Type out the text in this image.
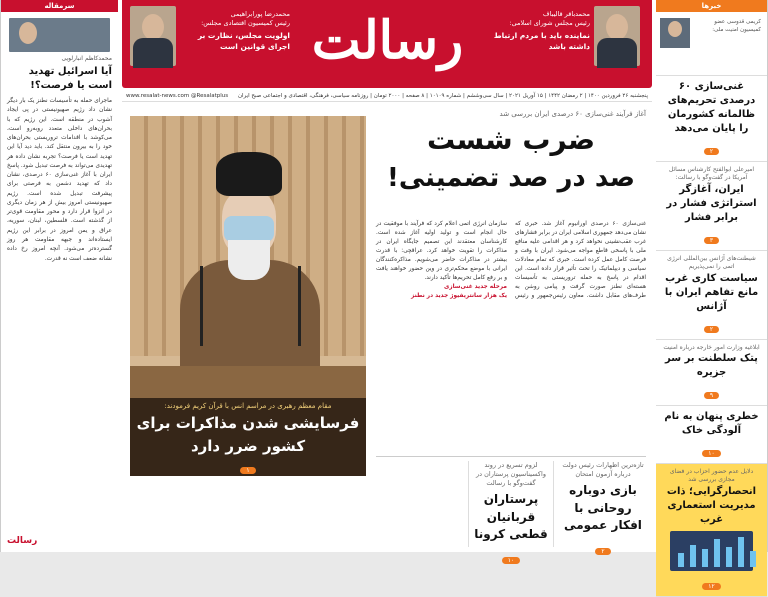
سرمقاله
محمدکاظم انبارلویی
آیا اسرائیل تهدید است یا فرصت؟!
ماجرای حمله به تأسیسات نطنز یک بار دیگر نشان داد رژیم صهیونیستی در پی ایجاد آشوب در منطقه است. این رژیم که با بحران‌های داخلی متعدد روبه‌رو است، می‌کوشد با اقدامات تروریستی بحران‌های خود را به بیرون منتقل کند. باید دید آیا این تهدید است یا فرصت؟ تجربه نشان داده هر تهدیدی می‌تواند به فرصت تبدیل شود. پاسخ ایران با آغاز غنی‌سازی ۶۰ درصدی، نشان داد که تهدید دشمن به فرصتی برای پیشرفت تبدیل شده است. رژیم صهیونیستی امروز بیش از هر زمان دیگری در انزوا قرار دارد و محور مقاومت قوی‌تر از گذشته است. فلسطین، لبنان، سوریه، عراق و یمن امروز در برابر این رژیم ایستاده‌اند و جبهه مقاومت هر روز گسترده‌تر می‌شود. آنچه امروز رخ داده نشانه ضعف است نه قدرت.
رسالت
محمدباقر قالیباف
رئیس مجلس شورای اسلامی:
نماینده باید با مردم ارتباط داشته باشد
رسالت
محمدرضا پورابراهیمی
رئیس کمیسیون اقتصادی مجلس:
اولویت مجلس، نظارت بر اجرای قوانین است
پنجشنبه ۲۶ فروردین ۱۴۰۰ | ۲ رمضان ۱۴۴۲ | ۱۵ آوریل ۲۰۲۱ | سال سی‌وششم | شماره ۱۰۱۰۹ | ۸ صفحه | ۲۰۰۰ تومان | روزنامه سیاسی، فرهنگی، اقتصادی و اجتماعی صبح ایران
www.resalat-news.com @Resalatplus
مقام معظم رهبری در مراسم انس با قرآن کریم فرمودند:
فرسایشی شدن مذاکرات برای کشور ضرر دارد
۱
آغاز فرآیند غنی‌سازی ۶۰ درصدی ایران بررسی شد
ضرب شست
صد در صد تضمینی!
غنی‌سازی ۶۰ درصدی اورانیوم آغاز شد. خبری که نشان می‌دهد جمهوری اسلامی ایران در برابر فشارهای غرب عقب‌نشینی نخواهد کرد و هر اقدامی علیه منافع ملی با پاسخی قاطع مواجه می‌شود. ایران با وقت و فرصت کامل عمل کرده است. خبری که تمام معادلات سیاسی و دیپلماتیک را تحت تأثیر قرار داده است. این اقدام در پاسخ به حمله تروریستی به تأسیسات هسته‌ای نطنز صورت گرفت و پیامی روشن به طرف‌های مقابل داشت. معاون رئیس‌جمهور و رئیس سازمان انرژی اتمی اعلام کرد که فرآیند با موفقیت در حال انجام است و تولید اولیه آغاز شده است. کارشناسان معتقدند این تصمیم جایگاه ایران در مذاکرات را تقویت خواهد کرد. عراقچی: با قدرت بیشتر در مذاکرات حاضر می‌شویم. مذاکره‌کنندگان ایرانی با موضع محکم‌تری در وین حضور خواهند یافت و بر رفع کامل تحریم‌ها تأکید دارند.
مرحله جدید غنی‌سازی
یک هزار سانتریفیوژ جدید در نطنز
تازه‌ترین اظهارات رئیس دولت درباره آزمون امتحان
بازی دوباره روحانی با افکار عمومی
۲
لزوم تسریع در روند واکسیناسیون پرستاران در گفت‌وگو با رسالت
پرستاران قربانیان قطعی کرونا
۱۰
خبرها
کریمی قدوسی عضو کمیسیون امنیت ملی:
غنی‌سازی ۶۰ درصدی تحریم‌های ظالمانه کشورمان را پایان می‌دهد
۲
امیرعلی ابوالفتح کارشناس مسائل آمریکا در گفت‌وگو با رسالت:
ایران، آغازگر استراتژی فشار در برابر فشار
۳
شیطنت‌های آژانس بین‌المللی انرژی اتمی را نمی‌پذیریم
سیاست کاری غرب مانع تفاهم ایران با آژانس
۲
ابلاغیه وزارت امور خارجه درباره امنیت
پتک سلطنت بر سر جزیره
۹
خطری پنهان به نام آلودگی خاک
۱۰
دلایل عدم حضور احزاب در فضای مجازی بررسی شد
انحصارگرایی؛ ذات مدیریت استعماری غرب
۱۲
